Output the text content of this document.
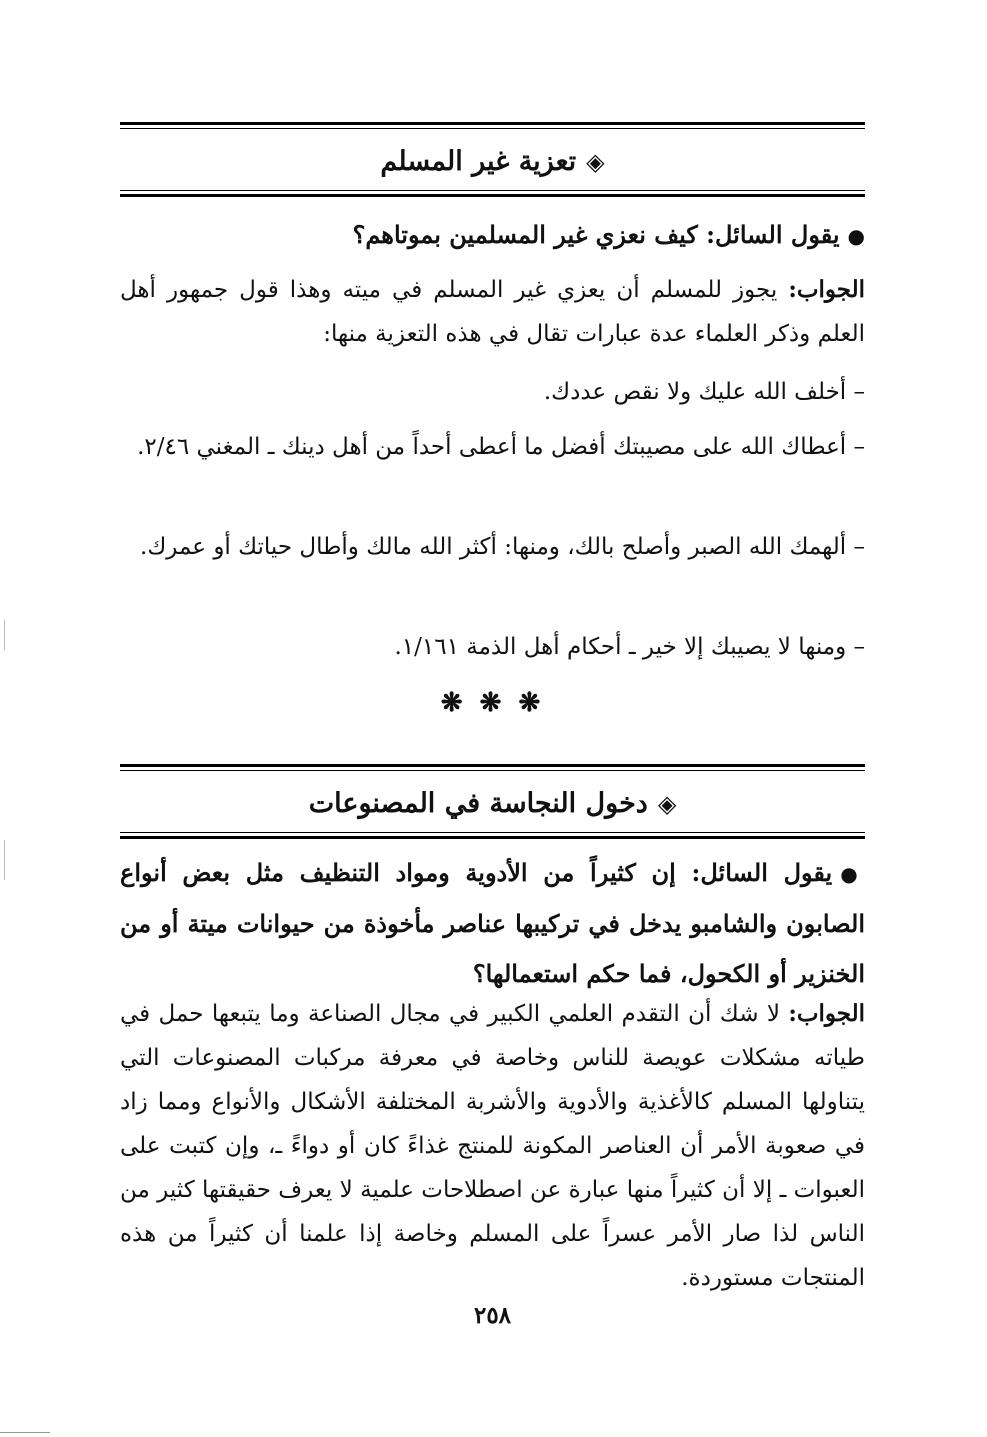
◈
تعزية غير المسلم
●يقول السائل: كيف نعزي غير المسلمين بموتاهم؟
الجواب: يجوز للمسلم أن يعزي غير المسلم في ميته وهذا قول جمهور أهل العلم وذكر العلماء عدة عبارات تقال في هذه التعزية منها:
– أخلف الله عليك ولا نقص عددك.
– أعطاك الله على مصيبتك أفضل ما أعطى أحداً من أهل دينك ـ المغني ٢/٤٦.
– ألهمك الله الصبر وأصلح بالك، ومنها: أكثر الله مالك وأطال حياتك أو عمرك.
– ومنها لا يصيبك إلا خير ـ أحكام أهل الذمة ١/١٦١.
❋ ❋ ❋
◈
دخول النجاسة في المصنوعات
●يقول السائل: إن كثيراً من الأدوية ومواد التنظيف مثل بعض أنواع الصابون والشامبو يدخل في تركيبها عناصر مأخوذة من حيوانات ميتة أو من الخنزير أو الكحول، فما حكم استعمالها؟
الجواب: لا شك أن التقدم العلمي الكبير في مجال الصناعة وما يتبعها حمل في طياته مشكلات عويصة للناس وخاصة في معرفة مركبات المصنوعات التي يتناولها المسلم كالأغذية والأدوية والأشربة المختلفة الأشكال والأنواع ومما زاد في صعوبة الأمر أن العناصر المكونة للمنتج غذاءً كان أو دواءً ـ، وإن كتبت على العبوات ـ إلا أن كثيراً منها عبارة عن اصطلاحات علمية لا يعرف حقيقتها كثير من الناس لذا صار الأمر عسراً على المسلم وخاصة إذا علمنا أن كثيراً من هذه المنتجات مستوردة.
٢٥٨
